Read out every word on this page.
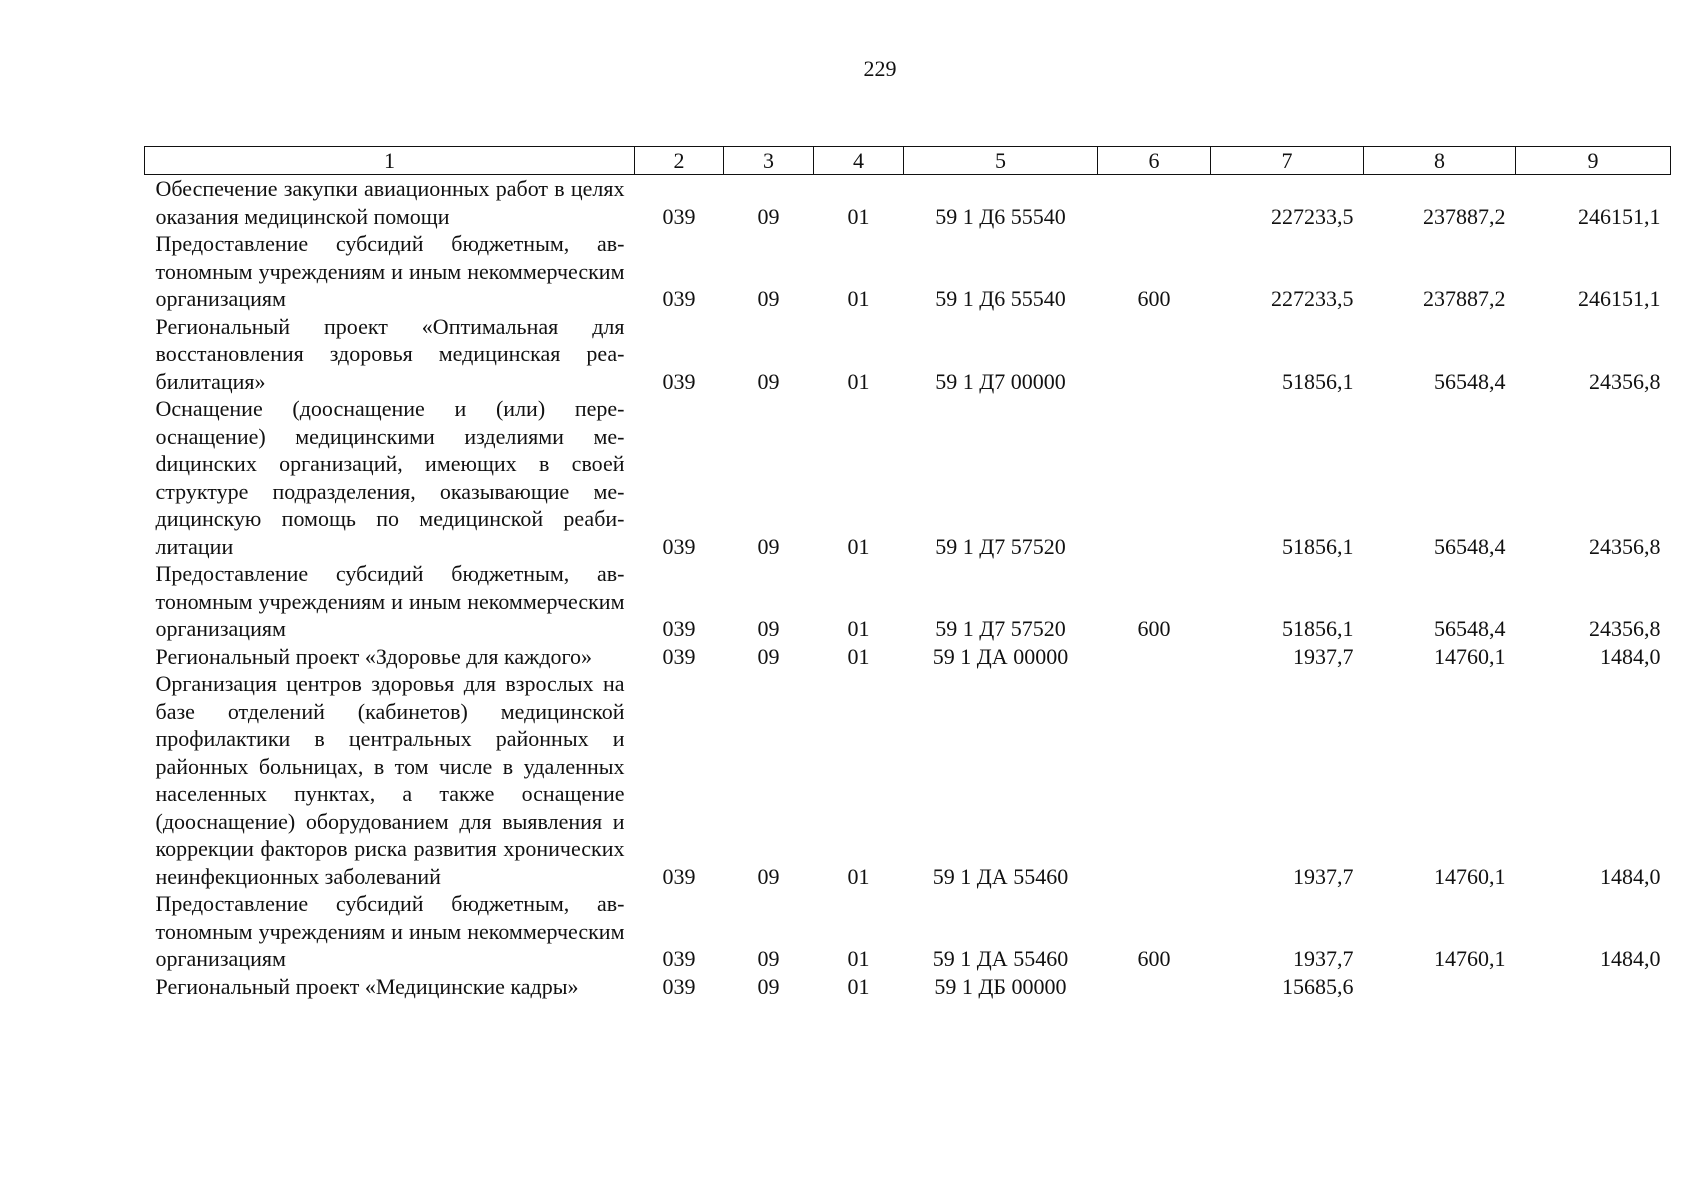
229
1	2	3	4	5	6	7	8	9
Обеспечение закупки авиационных работ в целях оказания медицинской помощи	039	09	01	59 1 Д6 55540		227233,5	237887,2	246151,1
Предоставление субсидий бюджетным, автономным учреждениям и иным некоммерческим организациям	039	09	01	59 1 Д6 55540	600	227233,5	237887,2	246151,1
Региональный проект «Оптимальная для восстановления здоровья медицинская реабилитация»	039	09	01	59 1 Д7 00000		51856,1	56548,4	24356,8
Оснащение (дооснащение и (или) переоснащение) медицинскими изделиями меdицинских организаций, имеющих в своей структуре подразделения, оказывающие медицинскую помощь по медицинской реабилитации	039	09	01	59 1 Д7 57520		51856,1	56548,4	24356,8
Предоставление субсидий бюджетным, автономным учреждениям и иным некоммерческим организациям	039	09	01	59 1 Д7 57520	600	51856,1	56548,4	24356,8
Региональный проект «Здоровье для каждого»	039	09	01	59 1 ДА 00000		1937,7	14760,1	1484,0
Организация центров здоровья для взрослых на базе отделений (кабинетов) медицинской профилактики в центральных районных и районных больницах, в том числе в удаленных населенных пунктах, а также оснащение (дооснащение) оборудованием для выявления и коррекции факторов риска развития хронических неинфекционных заболеваний	039	09	01	59 1 ДА 55460		1937,7	14760,1	1484,0
Предоставление субсидий бюджетным, автономным учреждениям и иным некоммерческим организациям	039	09	01	59 1 ДА 55460	600	1937,7	14760,1	1484,0
Региональный проект «Медицинские кадры»	039	09	01	59 1 ДБ 00000		15685,6		
